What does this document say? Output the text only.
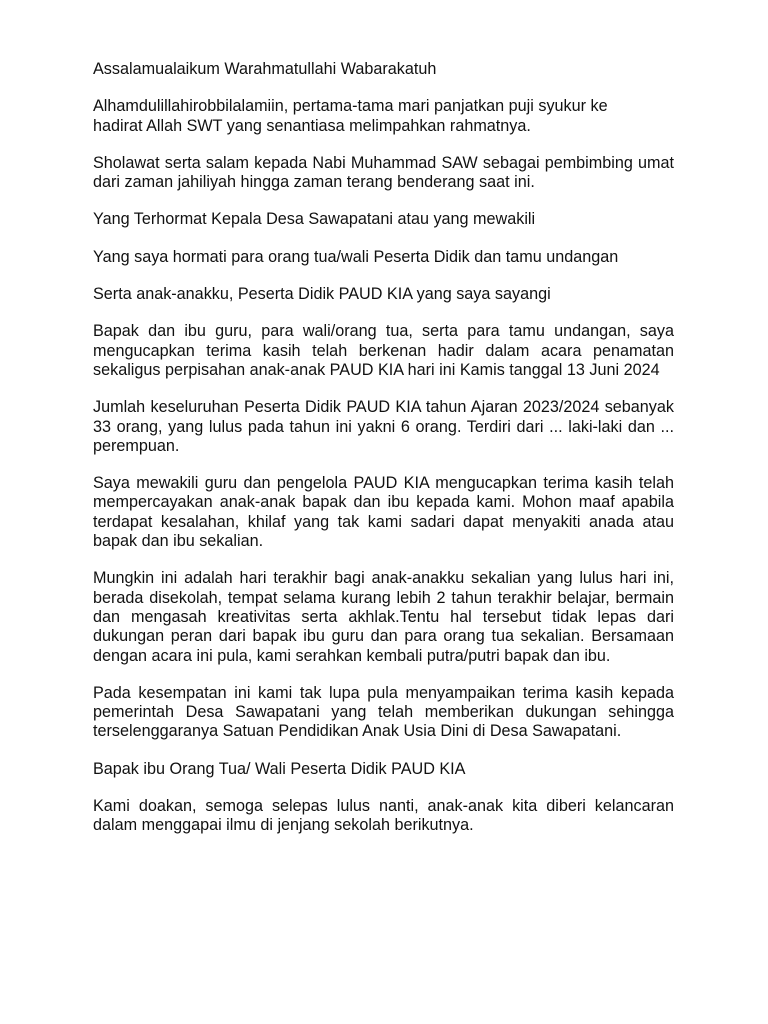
Assalamualaikum Warahmatullahi Wabarakatuh

Alhamdulillahirobbilalamiin, pertama-tama mari panjatkan puji syukur ke
hadirat Allah SWT yang senantiasa melimpahkan rahmatnya.

Sholawat serta salam kepada Nabi Muhammad SAW sebagai pembimbing umat dari zaman jahiliyah hingga zaman terang benderang saat ini.

Yang Terhormat Kepala Desa Sawapatani atau yang mewakili

Yang saya hormati para orang tua/wali Peserta Didik dan tamu undangan

Serta anak-anakku, Peserta Didik PAUD KIA yang saya sayangi

Bapak dan ibu guru, para wali/orang tua, serta para tamu undangan, saya mengucapkan terima kasih telah berkenan hadir dalam acara penamatan sekaligus perpisahan anak-anak PAUD KIA hari ini Kamis tanggal 13 Juni 2024

Jumlah keseluruhan Peserta Didik PAUD KIA tahun Ajaran 2023/2024 sebanyak 33 orang, yang lulus pada tahun ini yakni 6 orang. Terdiri dari ... laki-laki dan ... perempuan.

Saya mewakili guru dan pengelola PAUD KIA mengucapkan terima kasih telah mempercayakan anak-anak bapak dan ibu kepada kami. Mohon maaf apabila terdapat kesalahan, khilaf yang tak kami sadari dapat menyakiti anada atau bapak dan ibu sekalian.

Mungkin ini adalah hari terakhir bagi anak-anakku sekalian yang lulus hari ini, berada disekolah, tempat selama kurang lebih 2 tahun terakhir belajar, bermain dan mengasah kreativitas serta akhlak.Tentu hal tersebut tidak lepas dari dukungan peran dari bapak ibu guru dan para orang tua sekalian. Bersamaan dengan acara ini pula, kami serahkan kembali putra/putri bapak dan ibu.

Pada kesempatan ini kami tak lupa pula menyampaikan terima kasih kepada pemerintah Desa Sawapatani yang telah memberikan dukungan sehingga terselenggaranya Satuan Pendidikan Anak Usia Dini di Desa Sawapatani.

Bapak ibu Orang Tua/ Wali Peserta Didik PAUD KIA

Kami doakan, semoga selepas lulus nanti, anak-anak kita diberi kelancaran dalam menggapai ilmu di jenjang sekolah berikutnya.
